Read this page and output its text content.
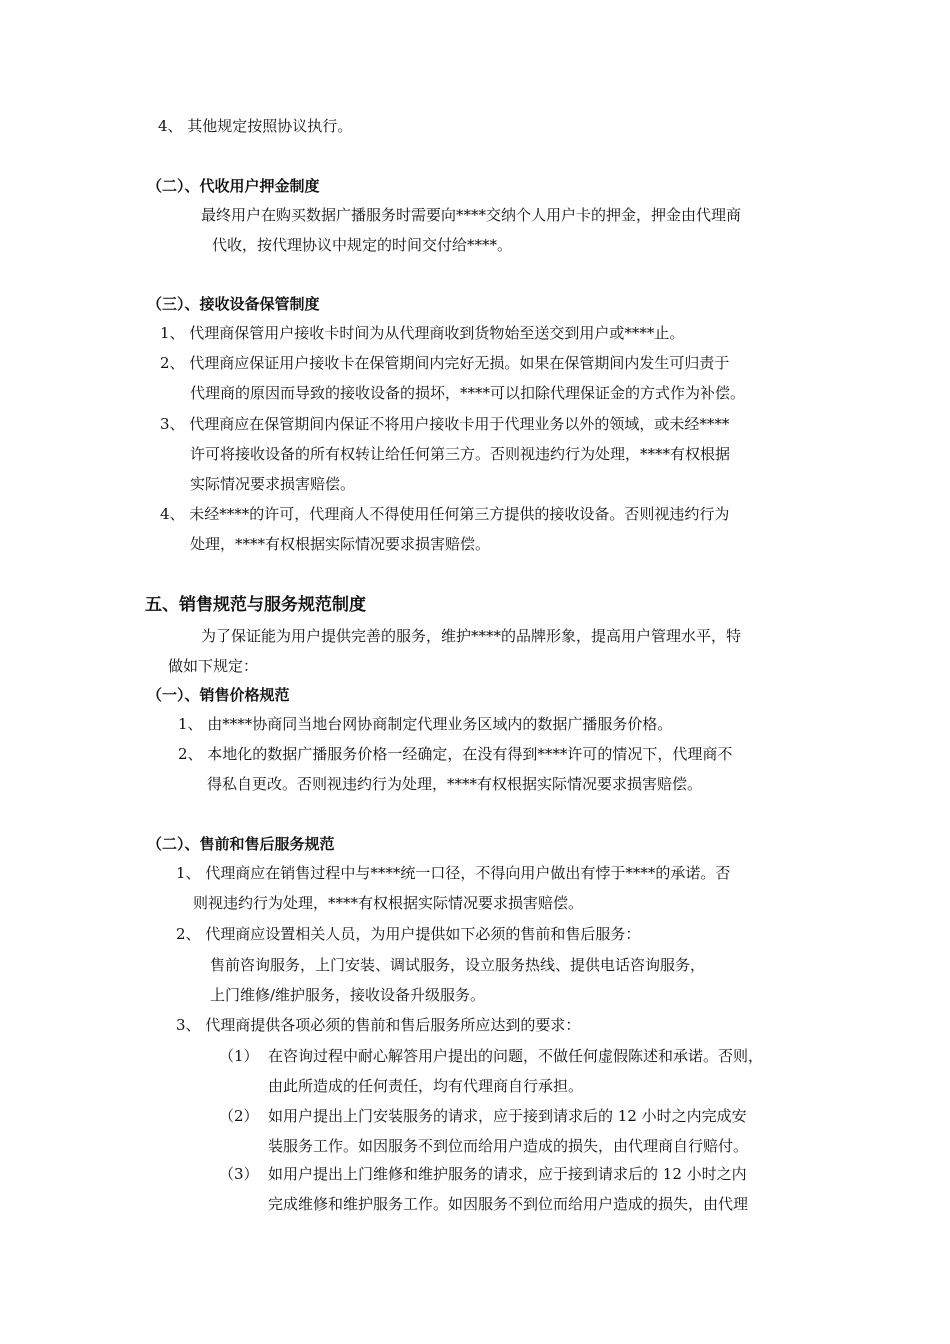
4、 其他规定按照协议执行。
（二）、代收用户押金制度
最终用户在购买数据广播服务时需要向****交纳个人用户卡的押金，押金由代理商
代收，按代理协议中规定的时间交付给****。
（三）、接收设备保管制度
1、 代理商保管用户接收卡时间为从代理商收到货物始至送交到用户或****止。
2、 代理商应保证用户接收卡在保管期间内完好无损。如果在保管期间内发生可归责于
代理商的原因而导致的接收设备的损坏，****可以扣除代理保证金的方式作为补偿。
3、 代理商应在保管期间内保证不将用户接收卡用于代理业务以外的领域，或未经****
许可将接收设备的所有权转让给任何第三方。否则视违约行为处理，****有权根据
实际情况要求损害赔偿。
4、 未经****的许可，代理商人不得使用任何第三方提供的接收设备。否则视违约行为
处理，****有权根据实际情况要求损害赔偿。
五、销售规范与服务规范制度
为了保证能为用户提供完善的服务，维护****的品牌形象，提高用户管理水平，特
做如下规定：
（一）、销售价格规范
1、 由****协商同当地台网协商制定代理业务区域内的数据广播服务价格。
2、 本地化的数据广播服务价格一经确定，在没有得到****许可的情况下，代理商不
得私自更改。否则视违约行为处理，****有权根据实际情况要求损害赔偿。
（二）、售前和售后服务规范
1、 代理商应在销售过程中与****统一口径，不得向用户做出有悖于****的承诺。否
则视违约行为处理，****有权根据实际情况要求损害赔偿。
2、 代理商应设置相关人员，为用户提供如下必须的售前和售后服务：
售前咨询服务，上门安装、调试服务，设立服务热线、提供电话咨询服务，
上门维修/维护服务，接收设备升级服务。
3、 代理商提供各项必须的售前和售后服务所应达到的要求：
（1） 在咨询过程中耐心解答用户提出的问题，不做任何虚假陈述和承诺。否则，
由此所造成的任何责任，均有代理商自行承担。
（2） 如用户提出上门安装服务的请求，应于接到请求后的 12 小时之内完成安
装服务工作。如因服务不到位而给用户造成的损失，由代理商自行赔付。
（3） 如用户提出上门维修和维护服务的请求，应于接到请求后的 12 小时之内
完成维修和维护服务工作。如因服务不到位而给用户造成的损失，由代理
